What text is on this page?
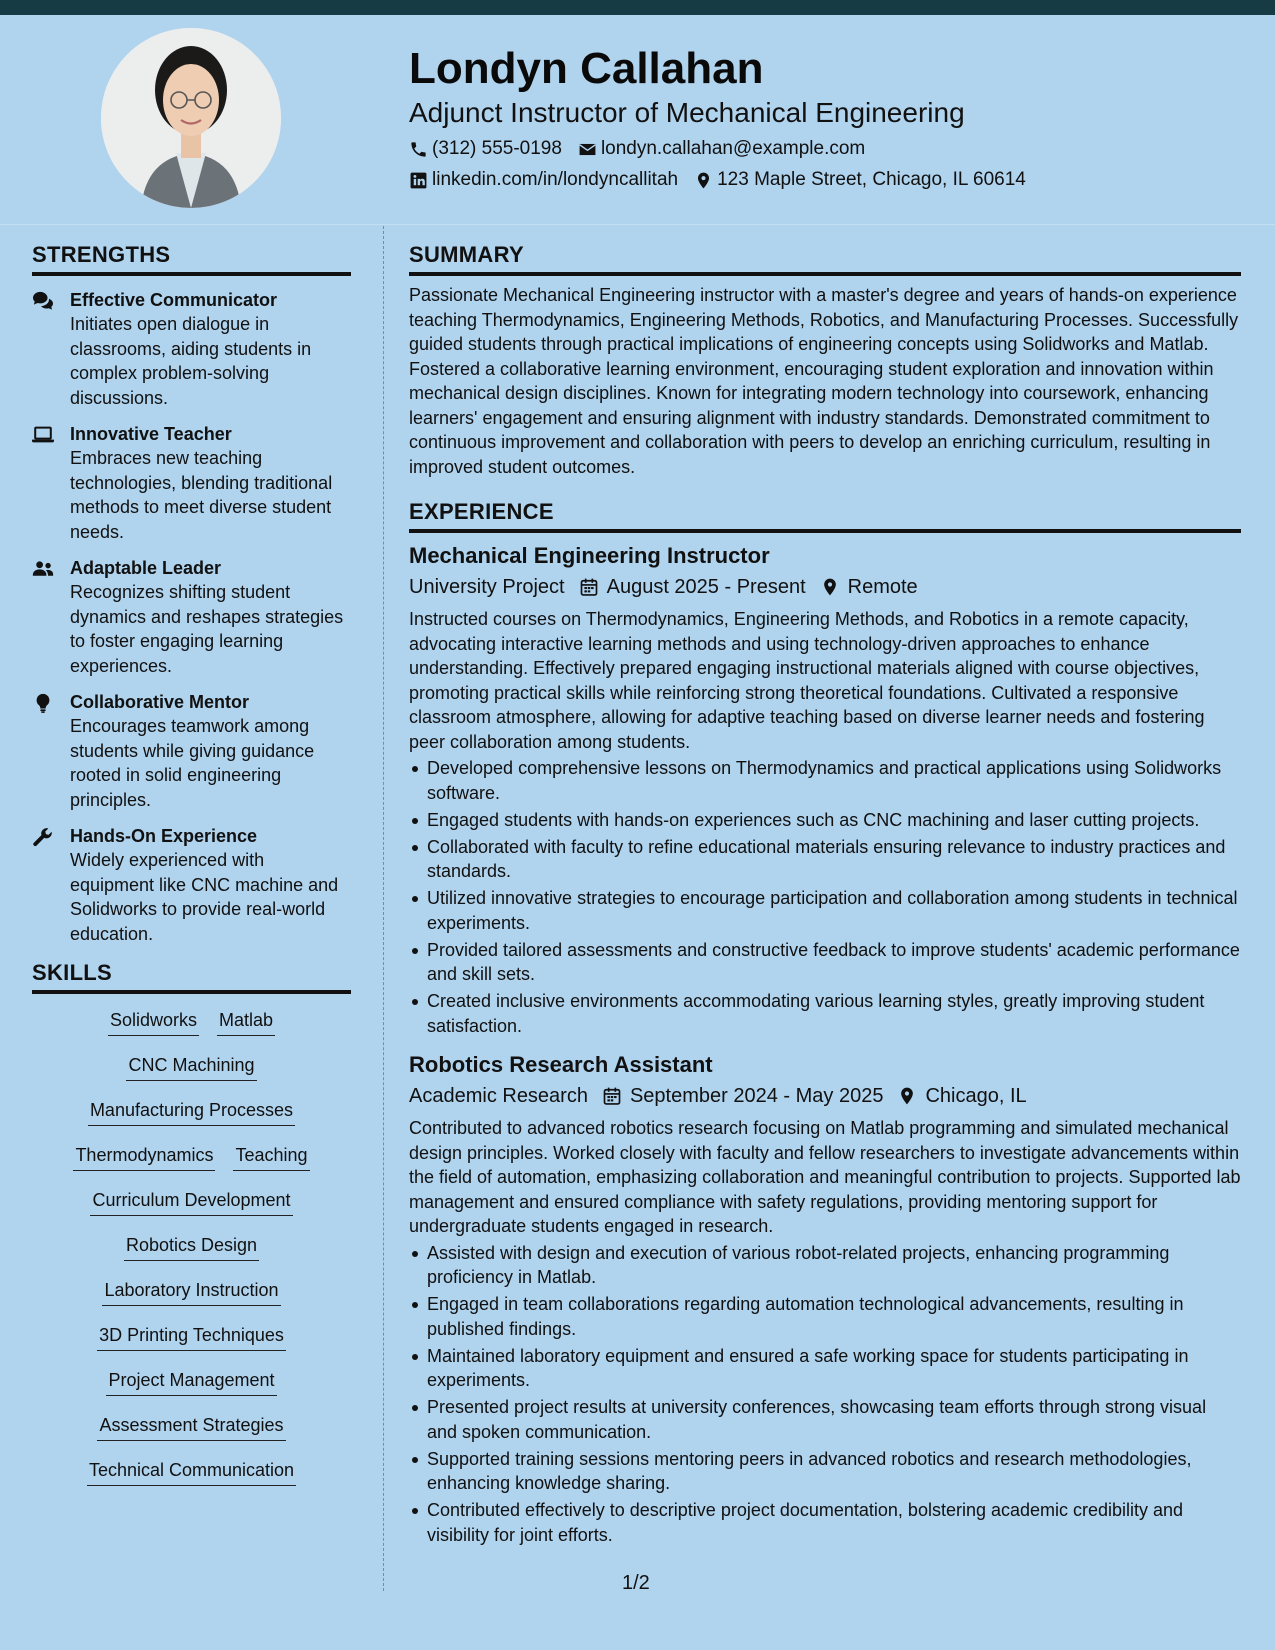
Londyn Callahan
Adjunct Instructor of Mechanical Engineering
(312) 555-0198 londyn.callahan@example.com
linkedin.com/in/londyncallitah 123 Maple Street, Chicago, IL 60614
STRENGTHS
Effective Communicator
Initiates open dialogue in classrooms, aiding students in complex problem-solving discussions.
Innovative Teacher
Embraces new teaching technologies, blending traditional methods to meet diverse student needs.
Adaptable Leader
Recognizes shifting student dynamics and reshapes strategies to foster engaging learning experiences.
Collaborative Mentor
Encourages teamwork among students while giving guidance rooted in solid engineering principles.
Hands-On Experience
Widely experienced with equipment like CNC machine and Solidworks to provide real-world education.
SKILLS
Solidworks Matlab
CNC Machining
Manufacturing Processes
Thermodynamics Teaching
Curriculum Development
Robotics Design
Laboratory Instruction
3D Printing Techniques
Project Management
Assessment Strategies
Technical Communication
SUMMARY
Passionate Mechanical Engineering instructor with a master's degree and years of hands-on experience teaching Thermodynamics, Engineering Methods, Robotics, and Manufacturing Processes. Successfully guided students through practical implications of engineering concepts using Solidworks and Matlab. Fostered a collaborative learning environment, encouraging student exploration and innovation within mechanical design disciplines. Known for integrating modern technology into coursework, enhancing learners' engagement and ensuring alignment with industry standards. Demonstrated commitment to continuous improvement and collaboration with peers to develop an enriching curriculum, resulting in improved student outcomes.
EXPERIENCE
Mechanical Engineering Instructor
University Project August 2025 - Present Remote
Instructed courses on Thermodynamics, Engineering Methods, and Robotics in a remote capacity, advocating interactive learning methods and using technology-driven approaches to enhance understanding. Effectively prepared engaging instructional materials aligned with course objectives, promoting practical skills while reinforcing strong theoretical foundations. Cultivated a responsive classroom atmosphere, allowing for adaptive teaching based on diverse learner needs and fostering peer collaboration among students.
Developed comprehensive lessons on Thermodynamics and practical applications using Solidworks software.
Engaged students with hands-on experiences such as CNC machining and laser cutting projects.
Collaborated with faculty to refine educational materials ensuring relevance to industry practices and standards.
Utilized innovative strategies to encourage participation and collaboration among students in technical experiments.
Provided tailored assessments and constructive feedback to improve students' academic performance and skill sets.
Created inclusive environments accommodating various learning styles, greatly improving student satisfaction.
Robotics Research Assistant
Academic Research September 2024 - May 2025 Chicago, IL
Contributed to advanced robotics research focusing on Matlab programming and simulated mechanical design principles. Worked closely with faculty and fellow researchers to investigate advancements within the field of automation, emphasizing collaboration and meaningful contribution to projects. Supported lab management and ensured compliance with safety regulations, providing mentoring support for undergraduate students engaged in research.
Assisted with design and execution of various robot-related projects, enhancing programming proficiency in Matlab.
Engaged in team collaborations regarding automation technological advancements, resulting in published findings.
Maintained laboratory equipment and ensured a safe working space for students participating in experiments.
Presented project results at university conferences, showcasing team efforts through strong visual and spoken communication.
Supported training sessions mentoring peers in advanced robotics and research methodologies, enhancing knowledge sharing.
Contributed effectively to descriptive project documentation, bolstering academic credibility and visibility for joint efforts.
1/2
